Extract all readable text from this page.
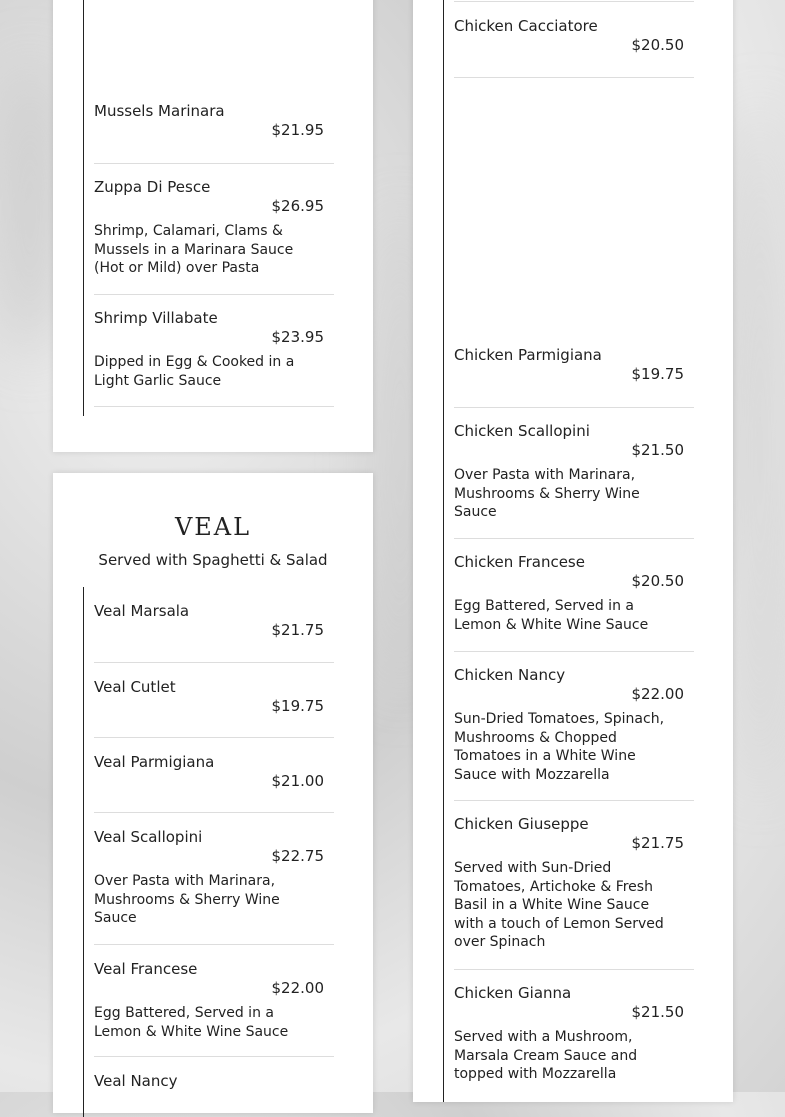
Mussels Marinara
$21.95
Zuppa Di Pesce
$26.95
Shrimp, Calamari, Clams & Mussels in a Marinara Sauce (Hot or Mild) over Pasta
Shrimp Villabate
$23.95
Dipped in Egg & Cooked in a Light Garlic Sauce
VEAL
Served with Spaghetti & Salad
Veal Marsala
$21.75
Veal Cutlet
$19.75
Veal Parmigiana
$21.00
Veal Scallopini
$22.75
Over Pasta with Marinara, Mushrooms & Sherry Wine Sauce
Veal Francese
$22.00
Egg Battered, Served in a Lemon & White Wine Sauce
Veal Nancy
Chicken Cacciatore
$20.50
Chicken Parmigiana
$19.75
Chicken Scallopini
$21.50
Over Pasta with Marinara, Mushrooms & Sherry Wine Sauce
Chicken Francese
$20.50
Egg Battered, Served in a Lemon & White Wine Sauce
Chicken Nancy
$22.00
Sun-Dried Tomatoes, Spinach, Mushrooms & Chopped Tomatoes in a White Wine Sauce with Mozzarella
Chicken Giuseppe
$21.75
Served with Sun-Dried Tomatoes, Artichoke & Fresh Basil in a White Wine Sauce with a touch of Lemon Served over Spinach
Chicken Gianna
$21.50
Served with a Mushroom, Marsala Cream Sauce and topped with Mozzarella
